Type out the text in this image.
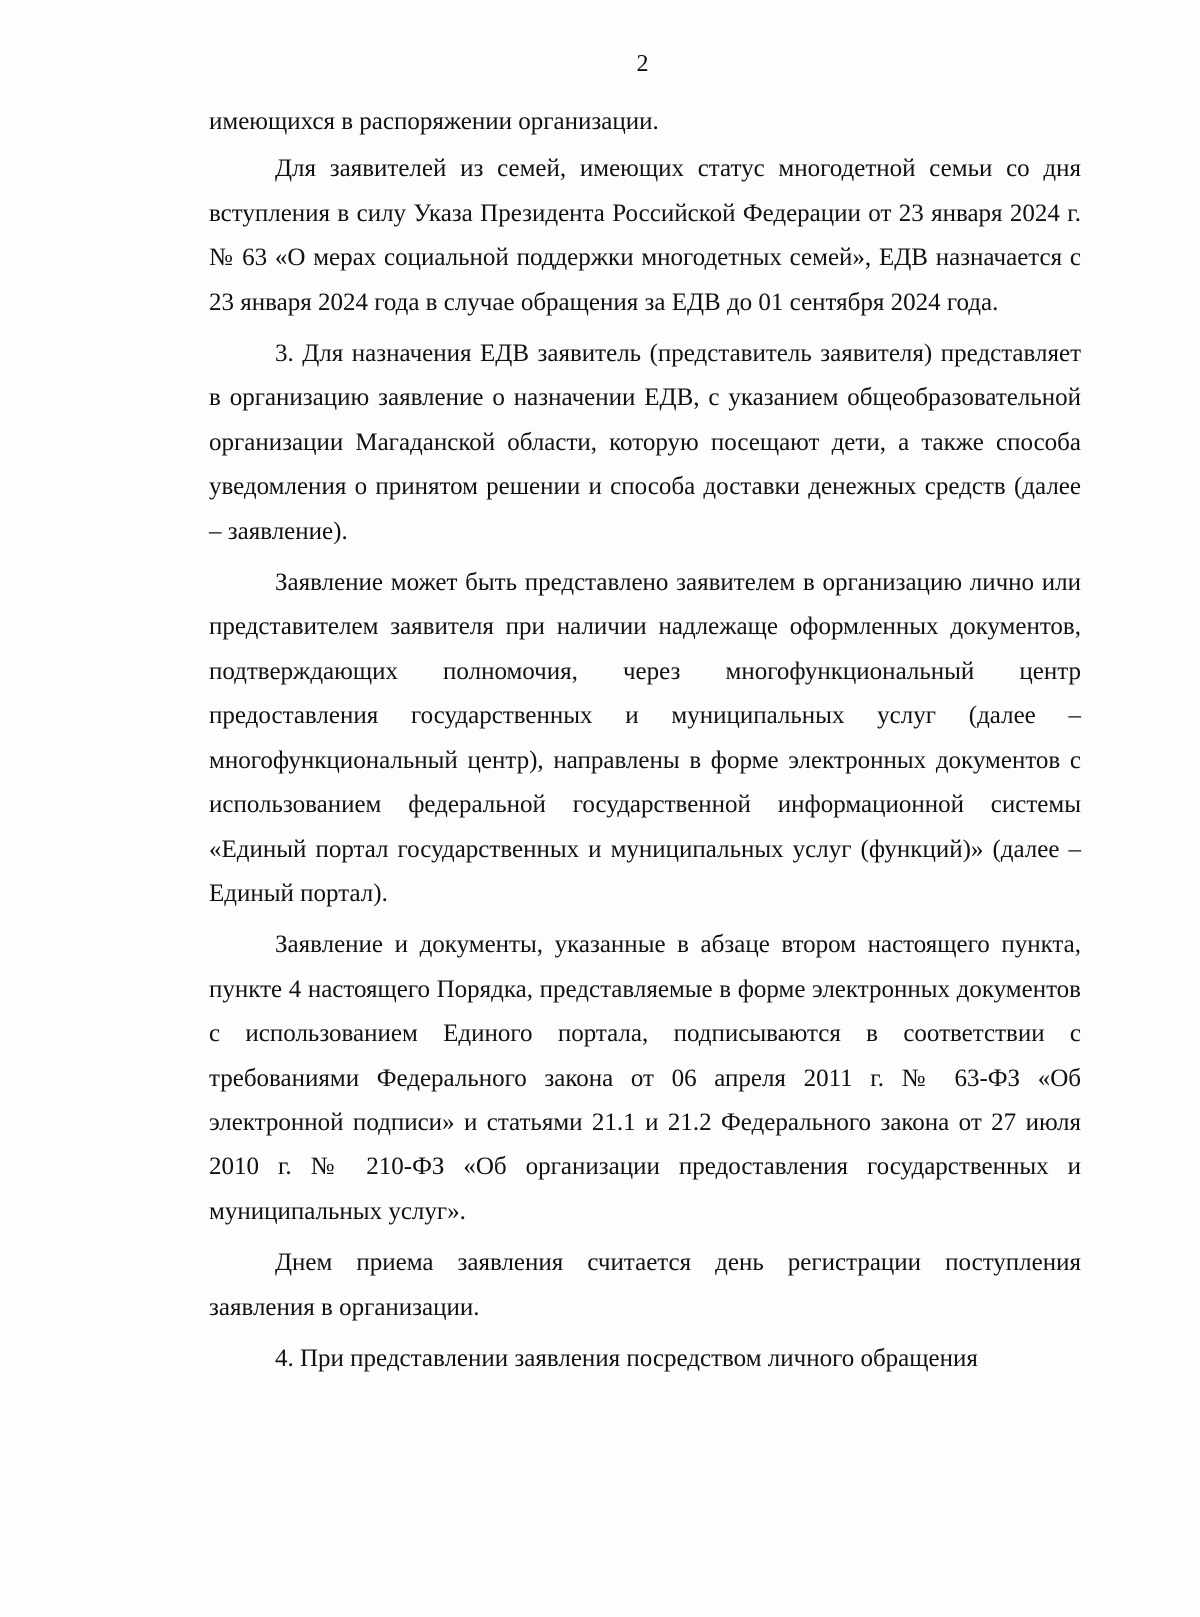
2

имеющихся в распоряжении организации.

Для заявителей из семей, имеющих статус многодетной семьи со дня вступления в силу Указа Президента Российской Федерации от 23 января 2024 г. № 63 «О мерах социальной поддержки многодетных семей», ЕДВ назначается с 23 января 2024 года в случае обращения за ЕДВ до 01 сентября 2024 года.

3. Для назначения ЕДВ заявитель (представитель заявителя) представляет в организацию заявление о назначении ЕДВ, с указанием общеобразовательной организации Магаданской области, которую посещают дети, а также способа уведомления о принятом решении и способа доставки денежных средств (далее – заявление).

Заявление может быть представлено заявителем в организацию лично или представителем заявителя при наличии надлежаще оформленных документов, подтверждающих полномочия, через многофункциональный центр предоставления государственных и муниципальных услуг (далее – многофункциональный центр), направлены в форме электронных документов с использованием федеральной государственной информационной системы «Единый портал государственных и муниципальных услуг (функций)» (далее – Единый портал).

Заявление и документы, указанные в абзаце втором настоящего пункта, пункте 4 настоящего Порядка, представляемые в форме электронных документов с использованием Единого портала, подписываются в соответствии с требованиями Федерального закона от 06 апреля 2011 г. № 63-ФЗ «Об электронной подписи» и статьями 21.1 и 21.2 Федерального закона от 27 июля 2010 г. № 210-ФЗ «Об организации предоставления государственных и муниципальных услуг».

Днем приема заявления считается день регистрации поступления заявления в организации.

4. При представлении заявления посредством личного обращения
